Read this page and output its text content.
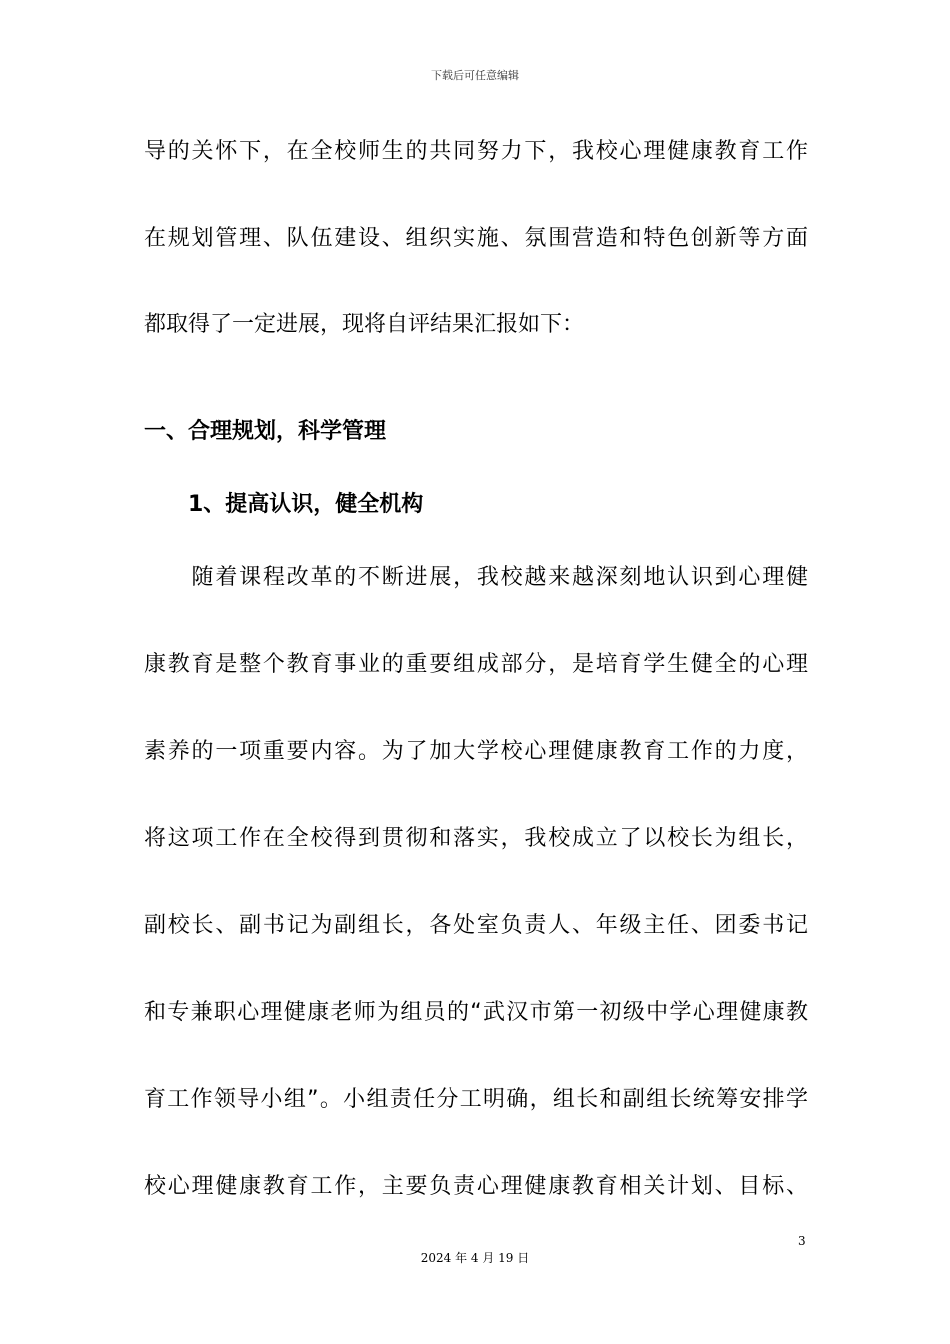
下载后可任意编辑
导的关怀下，在全校师生的共同努力下，我校心理健康教育工作
在规划管理、队伍建设、组织实施、氛围营造和特色创新等方面
都取得了一定进展，现将自评结果汇报如下：
一、合理规划，科学管理
1、提高认识，健全机构
　　随着课程改革的不断进展，我校越来越深刻地认识到心理健
康教育是整个教育事业的重要组成部分，是培育学生健全的心理
素养的一项重要内容。为了加大学校心理健康教育工作的力度，
将这项工作在全校得到贯彻和落实，我校成立了以校长为组长，
副校长、副书记为副组长，各处室负责人、年级主任、团委书记
和专兼职心理健康老师为组员的“武汉市第一初级中学心理健康教
育工作领导小组”。小组责任分工明确，组长和副组长统筹安排学
校心理健康教育工作，主要负责心理健康教育相关计划、目标、
3
2024 年 4 月 19 日
